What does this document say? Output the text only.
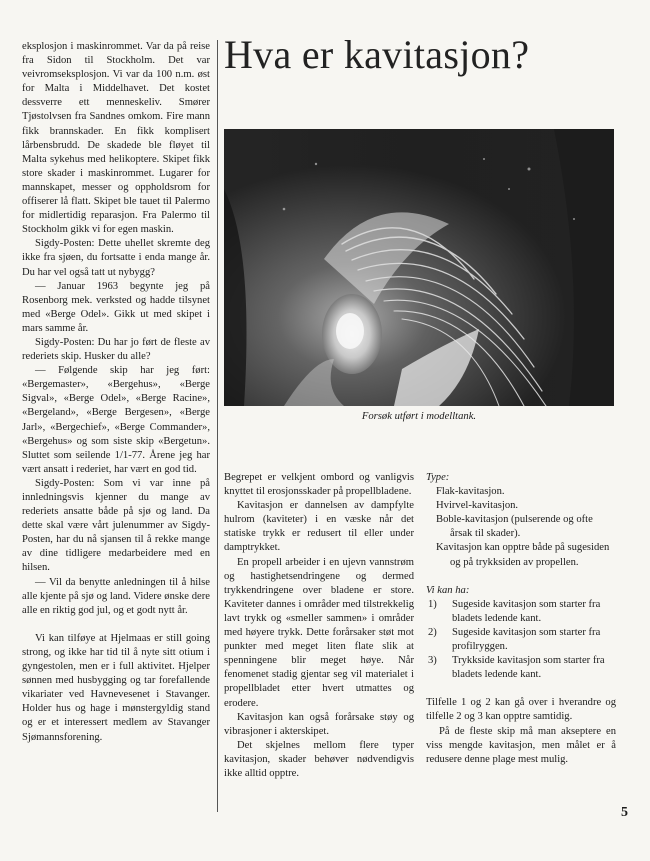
eksplosjon i maskinrommet. Var da på reise fra Sidon til Stockholm. Det var veivromseksplosjon. Vi var da 100 n.m. øst for Malta i Middelhavet. Det kostet dessverre ett menneskeliv. Smører Tjøstolvsen fra Sandnes omkom. Fire mann fikk brannskader. En fikk komplisert lårbensbrudd. De skadede ble fløyet til Malta sykehus med helikoptere. Skipet fikk store skader i maskinrommet. Lugarer for mannskapet, messer og oppholdsrom for offiserer lå flatt. Skipet ble tauet til Palermo for midlertidig reparasjon. Fra Palermo til Stockholm gikk vi for egen maskin.

Sigdy-Posten: Dette uhellet skremte deg ikke fra sjøen, du fortsatte i enda mange år. Du har vel også tatt ut nybygg?

— Januar 1963 begynte jeg på Rosenborg mek. verksted og hadde tilsynet med «Berge Odel». Gikk ut med skipet i mars samme år.

Sigdy-Posten: Du har jo ført de fleste av rederiets skip. Husker du alle?

— Følgende skip har jeg ført: «Bergemaster», «Bergehus», «Berge Sigval», «Berge Odel», «Berge Racine», «Bergeland», «Berge Bergesen», «Berge Jarl», «Bergechief», «Berge Commander», «Bergehus» og som siste skip «Bergetun». Sluttet som seilende 1/1-77. Årene jeg har vært ansatt i rederiet, har vært en god tid.

Sigdy-Posten: Som vi var inne på innledningsvis kjenner du mange av rederiets ansatte både på sjø og land. Da dette skal være vårt julenummer av Sigdy-Posten, har du nå sjansen til å rekke mange av dine tidligere medarbeidere med en hilsen.

— Vil da benytte anledningen til å hilse alle kjente på sjø og land. Videre ønske dere alle en riktig god jul, og et godt nytt år.

Vi kan tilføye at Hjelmaas er still going strong, og ikke har tid til å nyte sitt otium i gyngestolen, men er i full aktivitet. Hjelper sønnen med husbygging og tar forefallende vikariater ved Havnevesenet i Stavanger. Holder hus og hage i mønstergyldig stand og er et interessert medlem av Stavanger Sjømannsforening.

Hva er kavitasjon?
Forsøk utført i modelltank.

Begrepet er velkjent ombord og vanligvis knyttet til erosjonsskader på propellbladene.

Kavitasjon er dannelsen av dampfylte hulrom (kaviteter) i en væske når det statiske trykk er redusert til eller under damptrykket.

En propell arbeider i en ujevn vannstrøm og hastighetsendringene og dermed trykkendringene over bladene er store. Kaviteter dannes i områder med tilstrekkelig lavt trykk og «smeller sammen» i områder med høyere trykk. Dette forårsaker støt mot punkter med meget liten flate slik at spenningene blir meget høye. Når fenomenet stadig gjentar seg vil materialet i propellbladet etter hvert utmattes og erodere.

Kavitasjon kan også forårsake støy og vibrasjoner i akterskipet.

Det skjelnes mellom flere typer kavitasjon, skader behøver nødvendigvis ikke alltid opptre.

Type:
Flak-kavitasjon.
Hvirvel-kavitasjon.
Boble-kavitasjon (pulserende og ofte årsak til skader).
Kavitasjon kan opptre både på sugesiden og på trykksiden av propellen.
Vi kan ha:
1) Sugeside kavitasjon som starter fra bladets ledende kant.
2) Sugeside kavitasjon som starter fra profilryggen.
3) Trykkside kavitasjon som starter fra bladets ledende kant.

Tilfelle 1 og 2 kan gå over i hverandre og tilfelle 2 og 3 kan opptre samtidig.

På de fleste skip må man akseptere en viss mengde kavitasjon, men målet er å redusere denne plage mest mulig.

5
